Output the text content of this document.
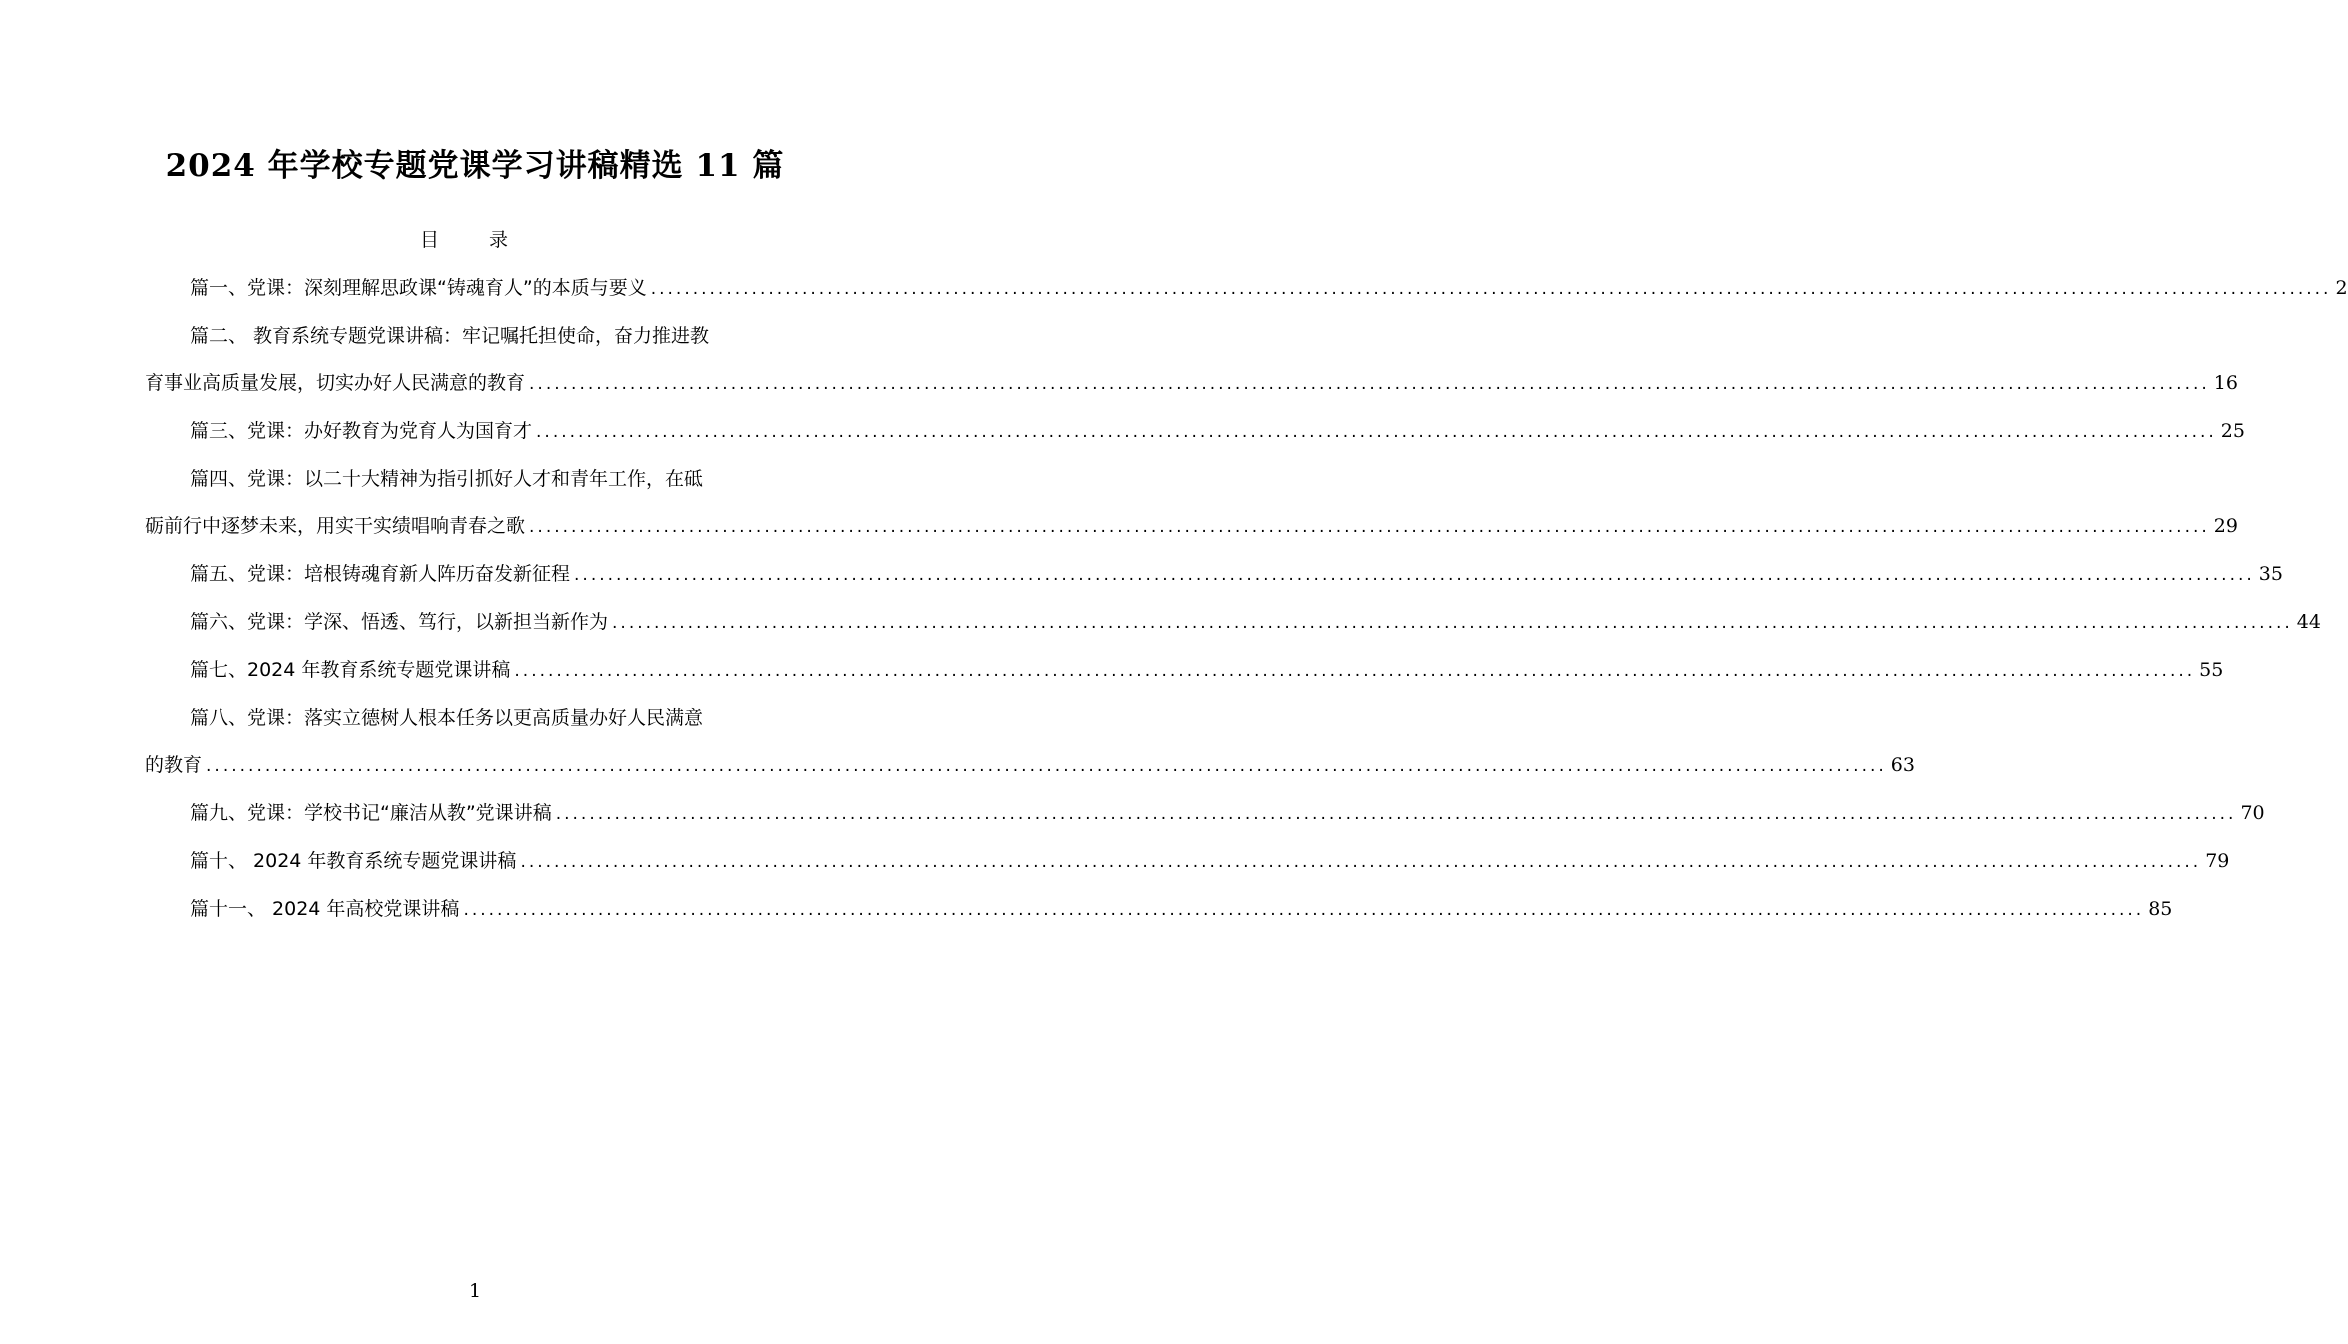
2024 年学校专题党课学习讲稿精选 11 篇
目 录
篇一、党课：深刻理解思政课“铸魂育人”的本质与要义 ........................................................................................................................................................................................................ 2
篇二、 教育系统专题党课讲稿：牢记嘱托担使命，奋力推进教
育事业高质量发展，切实办好人民满意的教育 ........................................................................................................................................................................................................ 16
篇三、党课：办好教育为党育人为国育才 ........................................................................................................................................................................................................ 25
篇四、党课：以二十大精神为指引抓好人才和青年工作，在砥
砺前行中逐梦未来，用实干实绩唱响青春之歌 ........................................................................................................................................................................................................ 29
篇五、党课：培根铸魂育新人阵历奋发新征程 ........................................................................................................................................................................................................ 35
篇六、党课：学深、悟透、笃行，以新担当新作为 ........................................................................................................................................................................................................ 44
篇七、2024 年教育系统专题党课讲稿 ........................................................................................................................................................................................................ 55
篇八、党课：落实立德树人根本任务以更高质量办好人民满意
的教育 ........................................................................................................................................................................................................ 63
篇九、党课：学校书记“廉洁从教”党课讲稿 ........................................................................................................................................................................................................ 70
篇十、 2024 年教育系统专题党课讲稿 ........................................................................................................................................................................................................ 79
篇十一、 2024 年高校党课讲稿 ........................................................................................................................................................................................................ 85
1
